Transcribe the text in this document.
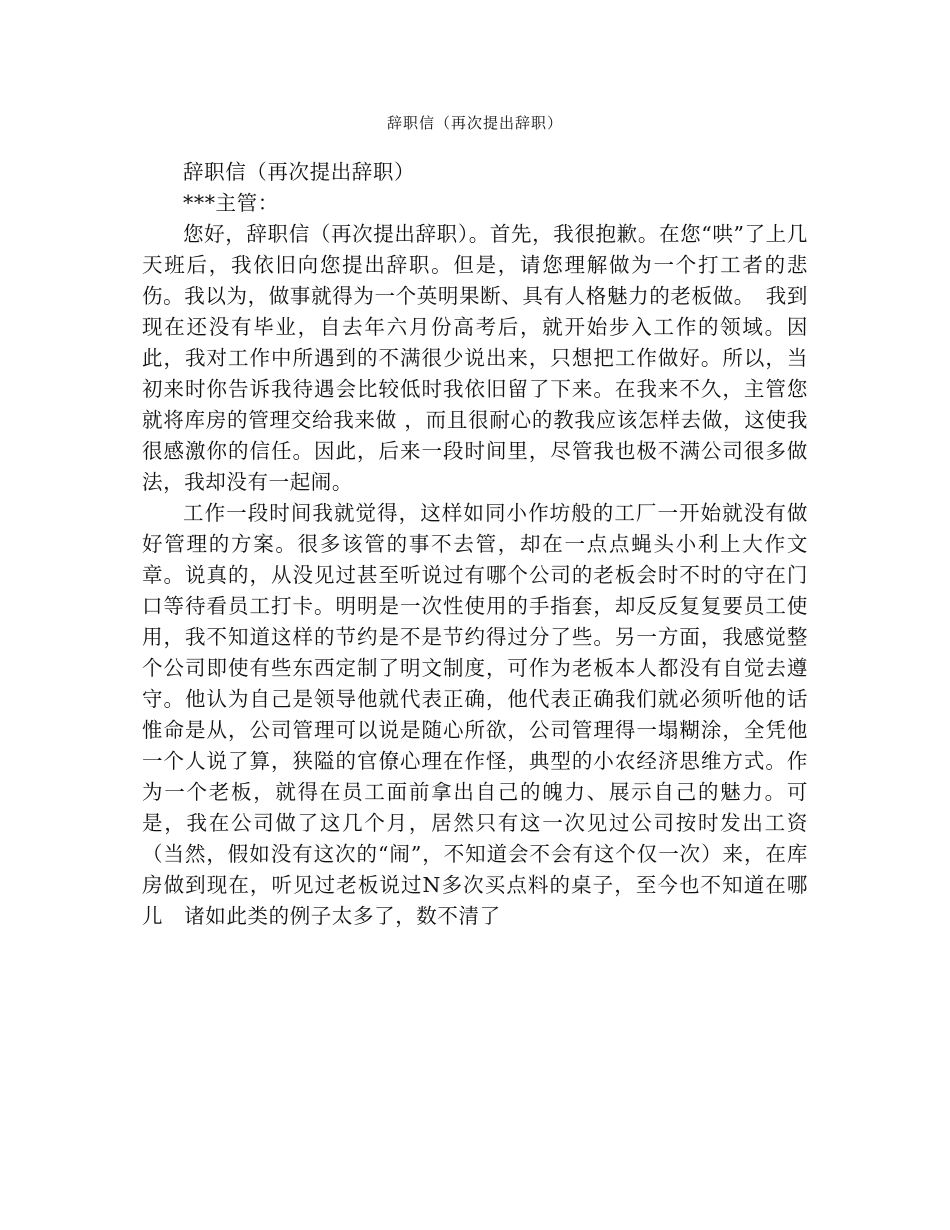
辞职信（再次提出辞职）

辞职信（再次提出辞职）

***主管：

您好，辞职信（再次提出辞职）。首先，我很抱歉。在您“哄”了上几天班后，我依旧向您提出辞职。但是，请您理解做为一个打工者的悲伤。我以为，做事就得为一个英明果断、具有人格魅力的老板做。　我到现在还没有毕业，自去年六月份高考后，就开始步入工作的领域。因此，我对工作中所遇到的不满很少说出来，只想把工作做好。所以，当初来时你告诉我待遇会比较低时我依旧留了下来。在我来不久，主管您就将库房的管理交给我来做 ，而且很耐心的教我应该怎样去做，这使我很感激你的信任。因此，后来一段时间里，尽管我也极不满公司很多做法，我却没有一起闹。

工作一段时间我就觉得，这样如同小作坊般的工厂一开始就没有做好管理的方案。很多该管的事不去管，却在一点点蝇头小利上大作文章。说真的，从没见过甚至听说过有哪个公司的老板会时不时的守在门口等待看员工打卡。明明是一次性使用的手指套，却反反复复要员工使用，我不知道这样的节约是不是节约得过分了些。另一方面，我感觉整个公司即使有些东西定制了明文制度，可作为老板本人都没有自觉去遵守。他认为自己是领导他就代表正确，他代表正确我们就必须听他的话惟命是从，公司管理可以说是随心所欲，公司管理得一塌糊涂，全凭他一个人说了算，狭隘的官僚心理在作怪，典型的小农经济思维方式。作为一个老板，就得在员工面前拿出自己的魄力、展示自己的魅力。可是，我在公司做了这几个月，居然只有这一次见过公司按时发出工资（当然，假如没有这次的“闹”，不知道会不会有这个仅一次）来，在库房做到现在，听见过老板说过N多次买点料的桌子，至今也不知道在哪儿　诸如此类的例子太多了，数不清了
